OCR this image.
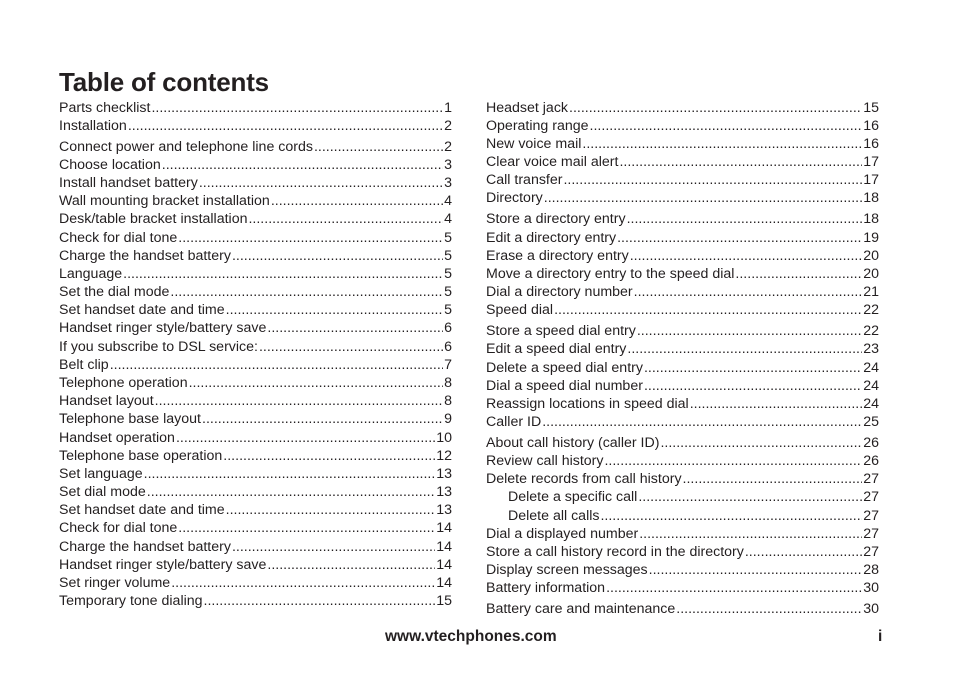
Table of contents
Parts checklist .....	1
Installation .....	2
Connect power and telephone line cords .....	2
Choose location .....	3
Install handset battery .....	3
Wall mounting bracket installation .....	4
Desk/table bracket installation .....	4
Check for dial tone .....	5
Charge the handset battery .....	5
Language .....	5
Set the dial mode .....	5
Set handset date and time .....	5
Handset ringer style/battery save .....	6
If you subscribe to DSL service: .....	6
Belt clip .....	7
Telephone operation .....	8
Handset layout .....	8
Telephone base layout .....	9
Handset operation .....	10
Telephone base operation .....	12
Set language .....	13
Set dial mode .....	13
Set handset date and time .....	13
Check for dial tone .....	14
Charge the handset battery .....	14
Handset ringer style/battery save .....	14
Set ringer volume .....	14
Temporary tone dialing .....	15
Headset jack .....	15
Operating range .....	16
New voice mail .....	16
Clear voice mail alert .....	17
Call transfer .....	17
Directory .....	18
Store a directory entry .....	18
Edit a directory entry .....	19
Erase a directory entry .....	20
Move a directory entry to the speed dial .....	20
Dial a directory number .....	21
Speed dial .....	22
Store a speed dial entry .....	22
Edit a speed dial entry .....	23
Delete a speed dial entry .....	24
Dial a speed dial number .....	24
Reassign locations in speed dial .....	24
Caller ID .....	25
About call history (caller ID) .....	26
Review call history .....	26
Delete records from call history .....	27
Delete a specific call .....	27
Delete all calls .....	27
Dial a displayed number .....	27
Store a call history record in the directory .....	27
Display screen messages .....	28
Battery information .....	30
Battery care and maintenance .....	30
www.vtechphones.com	i
